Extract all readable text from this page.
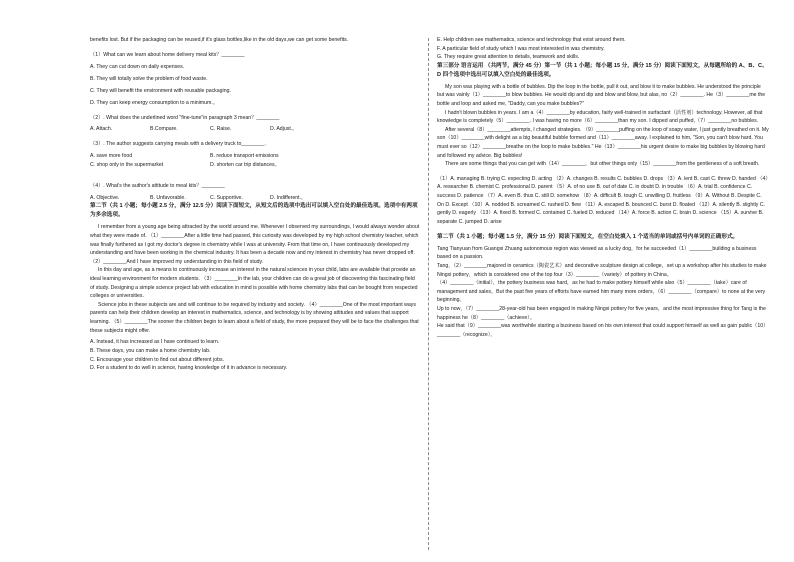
benefits lost. But if the packaging can be reused,if it's glass bottles,like in the old days,we can get some benefits.

（1）What can we learn about home delivery meal kits？________

A. They can cut down on daily expenses.

B. They will totally solve the problem of food waste.

C. They will benefit the environment with reusable packaging.

D. They can keep energy consumption to a minimum.。

（2）. What does the underlined word "fine-tune"in paragraph 3 mean？________

A. Attach.	B.Compare.	C. Raise.	D. Adjust.。

（3）. The author suggests carrying meals with a delivery truck to________.

A. save more food	B. reduce transport emissions
C. shop only in the supermarket	D. shorten car trip distances。

（4）. What's the author's attitude to meal kits？________

A. Objective.	B. Unfavorable.	C. Supportive.	D. Indifferent.。

第二节（共 1 小题；每小题 2.5 分，满分 12.5 分）阅读下面短文，从短文后的选项中选出可以填入空白处的最佳选项。选项中有两项为多余选项。

I remember from a young age being attracted by the world around me. Whenever I observed my surroundings, I would always wonder about what they were made of. （1）________After a little time had passed, this curiosity was developed by my high school chemistry teacher, which was finally furthered as I got my doctor's degree in chemistry while I was at university. From that time on, I have continuously developed my understanding and have been working in the chemical industry. It has been a decade now and my interest in chemistry has never dropped off. （2）________And I have improved my understanding in this field of study.

In this day and age, as a means to continuously increase an interest in the natural sciences in your child, labs are available that provide an ideal learning environment for modern students. （3）________In the lab, your children can do a great job of discovering this fascinating field of study. Designing a simple science project lab with education in mind is possible with home chemistry labs that can be bought from respected colleges or universities.

Science jobs in these subjects are and will continue to be required by industry and society. （4）________One of the most important ways parents can help their children develop an interest in mathematics, science, and technology is by showing attitudes and values that support learning. （5）________The sooner the children begin to learn about a field of study, the more prepared they will be to face the challenges that these subjects might offer.

A. Instead, it has increased as I have continued to learn.

B. These days, you can make a home chemistry lab.

C. Encourage your children to find out about different jobs.

D. For a student to do well in science, having knowledge of it in advance is necessary.

E. Help children see mathematics, science and technology that exist around them.

F. A particular field of study which I was most interested in was chemistry.

G. They require great attention to details, teamwork and skills.

第三部分 语言运用 （共两节，满分 45 分）第一节（共 1 小题；每小题 15 分，满分 15 分）阅读下面短文，从每题所给的 A、B、C、D 四个选项中选出可以填入空白处的最佳选项。

My son was playing with a bottle of bubbles. Dip the loop in the bottle, pull it out, and blow it to make bubbles. He understood the principle but was vainly（1）________to blow bubbles. He would dip and dip and blow and blow, but alas, no（2）________. He（3）________me the bottle and loop and asked me, "Daddy, can you make bubbles?"

I hadn't blown bubbles in years. I am a（4）________by education, fairly well-trained in surfactant（活性剂）technology. However, all that knowledge is completely（5）________. I was having no more（6）________than my son. I dipped and puffed,（7）________no bubbles.

After several（8）________attempts, I changed strategies. （9）________puffing on the loop of soapy water, I just gently breathed on it. My son（10）________with delight as a big beautiful bubble formed and（11）________away. I explained to him, "Son, you can't blow hard. You must ever so（12）________breathe on the loop to make bubbles." He（13）________his urgent desire to make big bubbles by blowing hard and followed my advice. Big bubbles!

There are some things that you can get with（14）________，but other things only（15）________from the gentleness of a soft breath.

（1）A. managing B. trying C. expecting D. acting （2）A. changes B. results C. bubbles D. drops （3）A. lent B. cast C. threw D. handed （4）A. researcher B. chemist C. professional D. parent （5）A. of no use B. out of date C. in doubt D. in trouble （6）A. trial B. confidence C. success D. patience （7）A. even B. thus C. still D. somehow （8）A. difficult B. tough C. unwilling D. fruitless （9）A. Without B. Despite C. On D. Except （10）A. nodded B. screamed C. rushed D. flew （11）A. escaped B. bounced C. burst D. floated （12）A. silently B. slightly C. gently D. eagerly （13）A. fixed B. formed C. contained C. fueled D. reduced （14）A. force B. action C. brain D. science （15）A. survive B. separate C. jumped D. arise

第二节（共 1 小题；每小题 1.5 分，满分 15 分）阅读下面短文，在空白处填入 1 个适当的单词或括号内单词的正确形式。

Tang Tianyuan from Guangxi Zhuang autonomous region was viewed as a lucky dog，for he succeeded（1）________building a business based on a passion.

Tang，（2）________majored in ceramics（陶瓷艺术）and decorative sculpture design at college，set up a workshop after his studies to make Ningxi pottery，which is considered one of the top four（3）________（variety）of pottery in China。

（4）________（initial），the pottery business was hard，as he had to make pottery himself while also（5）________（take）care of management and sales。But the past five years of efforts have earned him many more orders，（6）________（compare）to none at the very beginning。

Up to now，（7）________28-year-old has been engaged in making Ningxi pottery for five years，and the most impressive thing for Tang is the happiness he（8）________（achieve）。

He said that（9）________was worthwhile starting a business based on his own interest that could support himself as well as gain public（10）________（recognize）。
